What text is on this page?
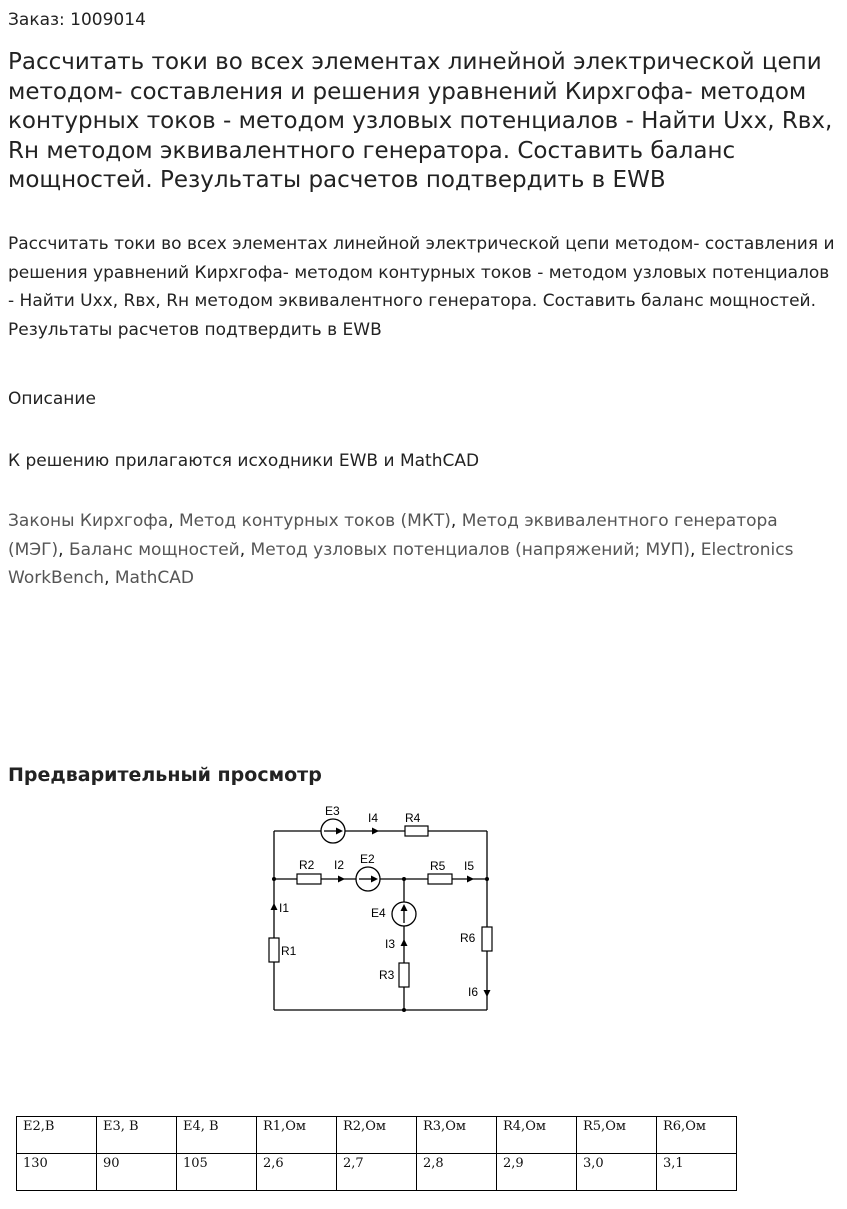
Заказ: 1009014
Рассчитать токи во всех элементах линейной электрической цепи методом- составления и решения уравнений Кирхгофа- методом контурных токов - методом узловых потенциалов - Найти Uхх, Rвх, Rн методом эквивалентного генератора. Составить баланс мощностей. Результаты расчетов подтвердить в EWB

Рассчитать токи во всех элементах линейной электрической цепи методом- составления и решения уравнений Кирхгофа- методом контурных токов - методом узловых потенциалов - Найти Uхх, Rвх, Rн методом эквивалентного генератора. Составить баланс мощностей. Результаты расчетов подтвердить в EWB

Описание
К решению прилагаются исходники EWB и MathCAD
Законы Кирхгофа, Метод контурных токов (МКТ), Метод эквивалентного генератора (МЭГ), Баланс мощностей, Метод узловых потенциалов (напряжений; МУП), Electronics WorkBench, MathCAD
Предварительный просмотр
E3 I4 R4
R2 I2 E2	R5 I5
I1	E4
R1	I3	R6
R3
I6
E2,B	E3, B	E4, B	R1,Ом	R2,Ом	R3,Ом	R4,Ом	R5,Ом	R6,Ом
130	90	105	2,6	2,7	2,8	2,9	3,0	3,1
